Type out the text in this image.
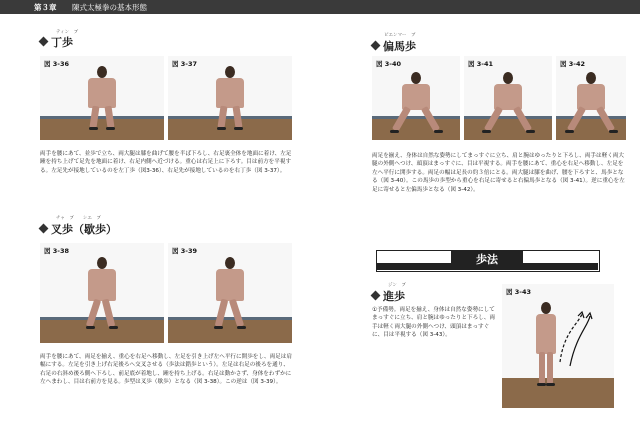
第３章 陳式太極拳の基本形態
ティン　ブ
丁歩
図 3-36	図 3-37
両手を腰にあて、並歩で立ち、両大腿は膝を曲げて腰を半ば下ろし、右足裏全体を地面に着け、左足踵を持ち上げて足先を地面に着け、右足内側へ近づける。重心は右足上に下ろす。目は前方を平視する。左足先が接地しているのを左丁歩（図3-36）、右足先が接地しているのを右丁歩（図 3-37）。
チャ　ブ　　シエ　ブ
叉歩（歇歩）
図 3-38	図 3-39
両手を腰にあて、両足を揃え、重心を右足へ移動し、左足を引き上げ左へ平行に開歩をし、両足は肩幅にする。左足を引き上げ右足後ろへ交叉させる（歩法は錯歩という）。左足は右足の後ろを通り、右足の右斜め後ろ側へ下ろし、前足底が着地し、踵を持ち上げる。右足は動かさず、身体をわずかに左へまわし、目は右前方を見る。歩型は叉歩（歇歩）となる（図 3-38）。この逆は（図 3-39）。
ピエンマー　ブ
偏馬歩
図 3-40	図 3-41	図 3-42
両足を揃え、身体は自然な姿勢にしてまっすぐに立ち、肩と腕はゆったりと下ろし、両手は軽く両大腿の外側へつけ、頭頂はまっすぐに、目は平視する。両手を腰にあて、重心を右足へ移動し、左足を左へ平行に開歩する。両足の幅は足長の約３倍にとる。両大腿は膝を曲げ、腰を下ろすと、馬歩となる（図 3-40）。この馬歩の歩型から重心を右足に寄せると右偏馬歩となる（図 3-41）。逆に重心を左足に寄せると左偏馬歩となる（図 3-42）。
歩法
ジン　ブ
進歩
①予備勢。両足を揃え、身体は自然な姿勢にしてまっすぐに立ち、肩と腕はゆったりと下ろし、両手は軽く両大腿の外側へつけ、頭頂はまっすぐに、目は平視する（図 3-43）。
図 3-43
